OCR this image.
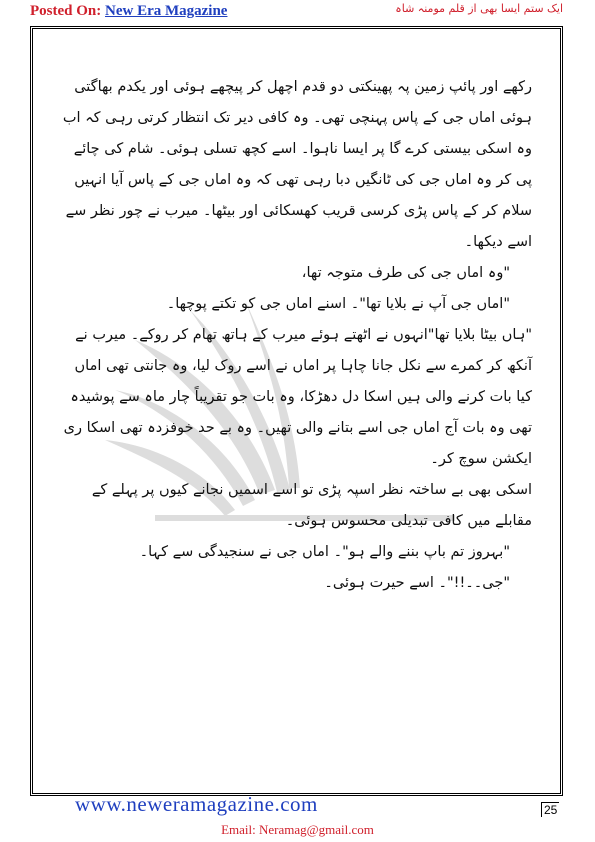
Posted On: New Era Magazine	ایک ستم ایسا بھی از قلم مومنہ شاہ

رکھے اور پائپ زمین پہ پھینکتی دو قدم اچھل کر پیچھے ہوئی اور یکدم بھاگتی ہوئی اماں جی کے پاس پہنچی تھی۔ وہ کافی دیر تک انتظار کرتی رہی کہ اب وہ اسکی بیستی کرے گا پر ایسا ناہوا۔ اسے کچھ تسلی ہوئی۔ شام کی چائے پی کر وہ اماں جی کی ٹانگیں دبا رہی تھی کہ وہ اماں جی کے پاس آیا انہیں سلام کر کے پاس پڑی کرسی قریب کھسکائی اور بیٹھا۔ میرب نے چور نظر سے اسے دیکھا۔

"وہ اماں جی کی طرف متوجہ تھا،

"اماں جی آپ نے بلایا تھا"۔ اسنے اماں جی کو تکتے پوچھا۔

"ہاں بیٹا بلایا تھا"انہوں نے اٹھتے ہوئے میرب کے ہاتھ تھام کر روکے۔ میرب نے آنکھ کر کمرے سے نکل جانا چاہا پر اماں نے اسے روک لیا، وہ جانتی تھی اماں کیا بات کرنے والی ہیں اسکا دل دھڑکا، وہ بات جو تقریباً چار ماہ سے پوشیدہ تھی وہ بات آج اماں جی اسے بتانے والی تھیں۔ وہ بے حد خوفزدہ تھی اسکا ری ایکشن سوچ کر۔

اسکی بھی بے ساختہ نظر اسپہ پڑی تو اسے اسمیں نجانے کیوں پر پہلے کے مقابلے میں کافی تبدیلی محسوس ہوئی۔

"بہروز تم باپ بننے والے ہو"۔ اماں جی نے سنجیدگی سے کہا۔

"جی۔۔!!"۔ اسے حیرت ہوئی۔

www.neweramagazine.com	25
Email: Neramag@gmail.com
